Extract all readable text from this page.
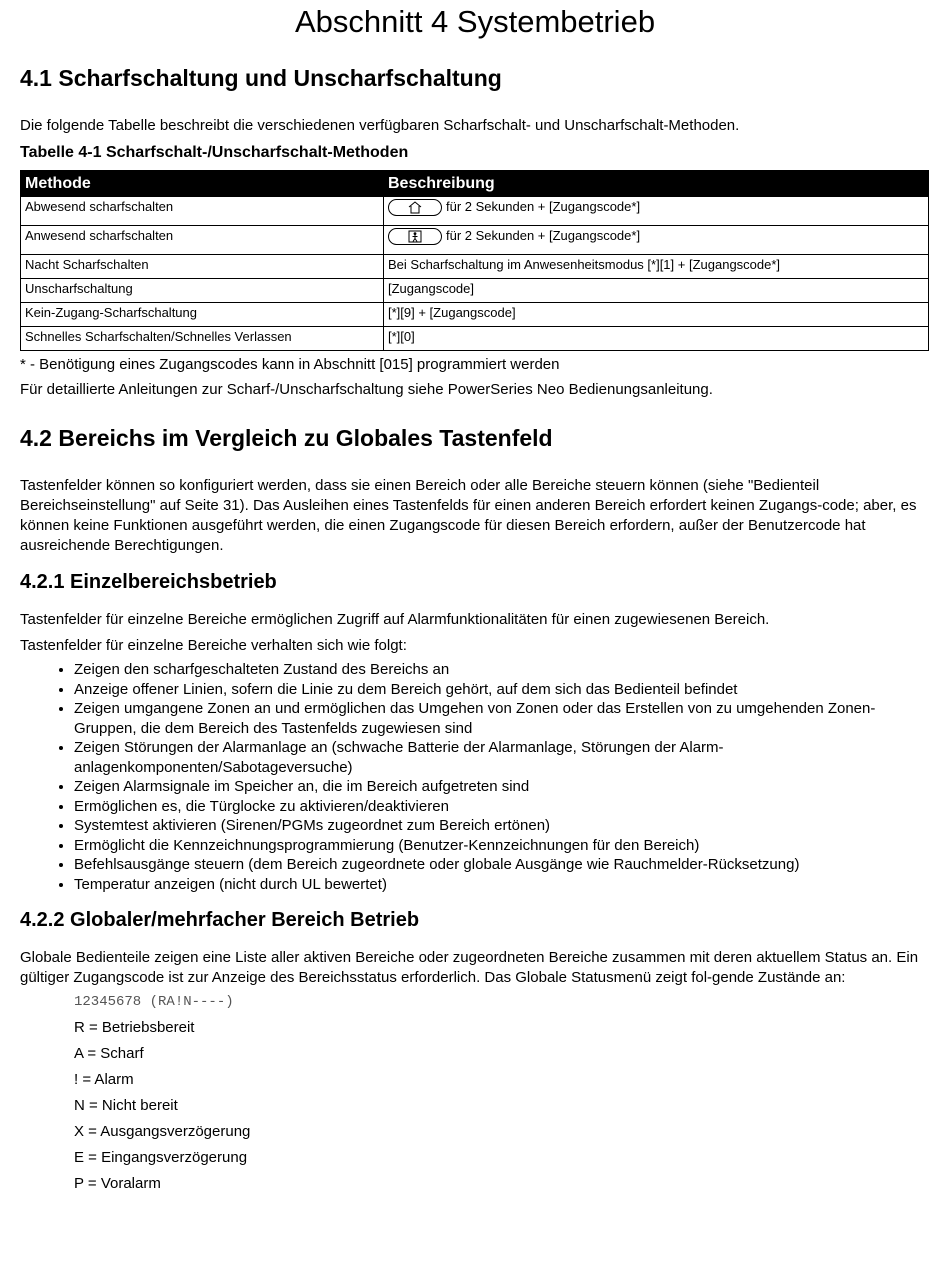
Abschnitt 4 Systembetrieb
4.1 Scharfschaltung und Unscharfschaltung

Die folgende Tabelle beschreibt die verschiedenen verfügbaren Scharfschalt- und Unscharfschalt-Methoden.

Tabelle 4-1 Scharfschalt-/Unscharfschalt-Methoden
Methode	Beschreibung
Abwesend scharfschalten	für 2 Sekunden + [Zugangscode*]
Anwesend scharfschalten	für 2 Sekunden + [Zugangscode*]
Nacht Scharfschalten	Bei Scharfschaltung im Anwesenheitsmodus [*][1] + [Zugangscode*]
Unscharfschaltung	[Zugangscode]
Kein-Zugang-Scharfschaltung	[*][9] + [Zugangscode]
Schnelles Scharfschalten/Schnelles Verlassen	[*][0]

* - Benötigung eines Zugangscodes kann in Abschnitt [015] programmiert werden

Für detaillierte Anleitungen zur Scharf-/Unscharfschaltung siehe PowerSeries Neo Bedienungsanleitung.

4.2 Bereichs im Vergleich zu Globales Tastenfeld

Tastenfelder können so konfiguriert werden, dass sie einen Bereich oder alle Bereiche steuern können (siehe "Bedienteil Bereichseinstellung" auf Seite 31). Das Ausleihen eines Tastenfelds für einen anderen Bereich erfordert keinen Zugangs-code; aber, es können keine Funktionen ausgeführt werden, die einen Zugangscode für diesen Bereich erfordern, außer der Benutzercode hat ausreichende Berechtigungen.

4.2.1 Einzelbereichsbetrieb

Tastenfelder für einzelne Bereiche ermöglichen Zugriff auf Alarmfunktionalitäten für einen zugewiesenen Bereich.

Tastenfelder für einzelne Bereiche verhalten sich wie folgt:

• Zeigen den scharfgeschalteten Zustand des Bereichs an
• Anzeige offener Linien, sofern die Linie zu dem Bereich gehört, auf dem sich das Bedienteil befindet
• Zeigen umgangene Zonen an und ermöglichen das Umgehen von Zonen oder das Erstellen von zu umgehenden Zonen-Gruppen, die dem Bereich des Tastenfelds zugewiesen sind
• Zeigen Störungen der Alarmanlage an (schwache Batterie der Alarmanlage, Störungen der Alarm-anlagenkomponenten/Sabotageversuche)
• Zeigen Alarmsignale im Speicher an, die im Bereich aufgetreten sind
• Ermöglichen es, die Türglocke zu aktivieren/deaktivieren
• Systemtest aktivieren (Sirenen/PGMs zugeordnet zum Bereich ertönen)
• Ermöglicht die Kennzeichnungsprogrammierung (Benutzer-Kennzeichnungen für den Bereich)
• Befehlsausgänge steuern (dem Bereich zugeordnete oder globale Ausgänge wie Rauchmelder-Rücksetzung)
• Temperatur anzeigen (nicht durch UL bewertet)
4.2.2 Globaler/mehrfacher Bereich Betrieb

Globale Bedienteile zeigen eine Liste aller aktiven Bereiche oder zugeordneten Bereiche zusammen mit deren aktuellem Status an. Ein gültiger Zugangscode ist zur Anzeige des Bereichsstatus erforderlich. Das Globale Statusmenü zeigt fol-gende Zustände an:

12345678 (RA!N----)
R = Betriebsbereit
A = Scharf
! = Alarm
N = Nicht bereit
X = Ausgangsverzögerung
E = Eingangsverzögerung
P = Voralarm
